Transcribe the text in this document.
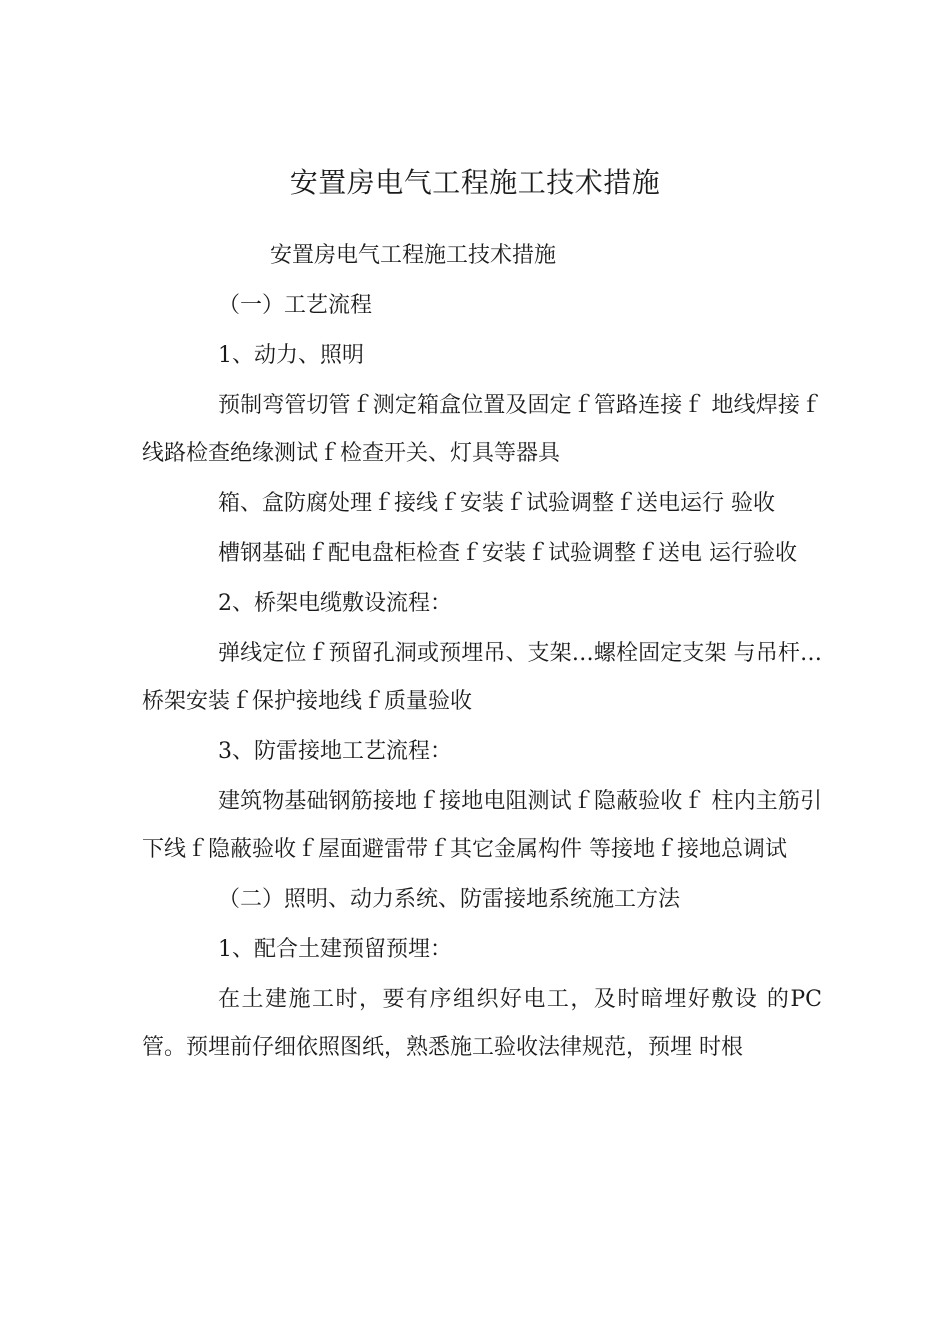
安置房电气工程施工技术措施

安置房电气工程施工技术措施

（一）工艺流程

1、动力、照明

预制弯管切管ｆ测定箱盒位置及固定ｆ管路连接ｆ 地线焊接ｆ线路检查绝缘测试ｆ检查开关、灯具等器具

箱、盒防腐处理ｆ接线ｆ安装ｆ试验调整ｆ送电运行 验收

槽钢基础ｆ配电盘柜检查ｆ安装ｆ试验调整ｆ送电 运行验收

2、桥架电缆敷设流程：

弹线定位ｆ预留孔洞或预埋吊、支架…螺栓固定支架 与吊杆…桥架安装ｆ保护接地线ｆ质量验收

3、防雷接地工艺流程：

建筑物基础钢筋接地ｆ接地电阻测试ｆ隐蔽验收ｆ 柱内主筋引下线ｆ隐蔽验收ｆ屋面避雷带ｆ其它金属构件 等接地ｆ接地总调试

（二）照明、动力系统、防雷接地系统施工方法

1、配合土建预留预埋：

在土建施工时，要有序组织好电工，及时暗埋好敷设 的PC管。预埋前仔细依照图纸，熟悉施工验收法律规范，预埋 时根
